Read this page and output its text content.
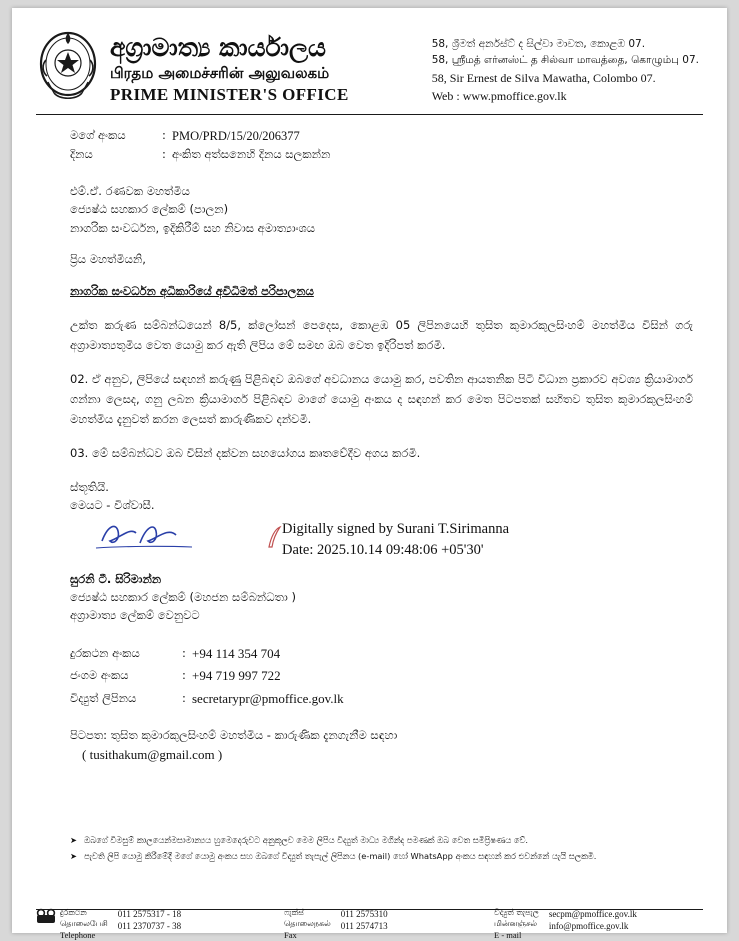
අග්‍රාමාත්‍ය කාර්යාලය
பிரதம அமைச்சரின் அலுவலகம்
PRIME MINISTER'S OFFICE
58, ශ්‍රීමත් අර්නස්ට් ද සිල්වා මාවත, කොළඹ 07.
58, ஸ்ரீமத் எர்னஸ்ட் த சில்வா மாவத்தை, கொழும்பு 07.
58, Sir Ernest de Silva Mawatha, Colombo 07.
Web : www.pmoffice.gov.lk
මගේ අංකය	: PMO/PRD/15/20/206377
දිනය	: අංකිත අත්සනෙහි දිනය සලකන්න
එම්.ඒ. රණවක මහත්මිය
ජ්‍යෙෂ්ඨ සහකාර ලේකම් (පාලන)
නාගරික සංවර්ධන, ඉදිකිරීම් සහ නිවාස අමාත්‍යාංශය
ප්‍රිය මහත්මියනි,
නාගරික සංවර්ධන අධිකාරියේ අවිධිමත් පරිපාලනය

උක්ත කරුණ සම්බන්ධයෙන් 8/5, ක්ලෝසන් පෙදෙස, කොළඹ 05 ලිපිනයෙහි තුසිත කුමාරකුලසිංහම් මහත්මිය විසින් ගරු අග්‍රාමාත්‍යතුමිය වෙත යොමු කර ඇති ලිපිය මේ සමඟ ඔබ වෙත ඉදිරිපත් කරමි.

02. ඒ අනුව, ලිපියේ සඳහන් කරුණු පිළිබඳව ඔබගේ අවධානය යොමු කර, පවතින ආයතනික පිටි විධාන ප්‍රකාරව අවශ්‍ය ක්‍රියාමාර්ග ගන්නා ලෙසද, ගනු ලබන ක්‍රියාමාර්ග පිළිබඳව මාගේ යොමු අංකය ද සඳහන් කර මෙත පිටපතක් සහිතව තුසිත කුමාරකුලසිංහම් මහත්මිය දැනුවත් කරන ලෙසත් කාරුණිකව දන්වමි.

03. මේ සම්බන්ධව ඔබ විසින් දක්වන සහයෝගය කෘතවේදීව අගය කරමි.

ස්තූතියි.
මෙයට - විශ්වාසී.
Digitally signed by Surani T.Sirimanna
Date: 2025.10.14 09:48:06 +05'30'
සුරනි ටී. සිරිමාන්න
ජ්‍යෙෂ්ඨ සහකාර ලේකම් (මහජන සම්බන්ධතා )
අග්‍රාමාත්‍ය ලේකම් වෙනුවට
දුරකථන අංකය	: +94 114 354 704
ජංගම අංකය	: +94 719 997 722
විද්‍යුත් ලිපිනය	: secretarypr@pmoffice.gov.lk
පිටපත: තුසිත කුමාරකුලසිංහම් මහත්මිය - කාරුණික දැනගැනීම සඳහා
( tusithakum@gmail.com )
➤ ඔබගේ විමසුම් කාලයෙන්මසාමාන්‍යය හුමෙදෙරුවට අනුකූලව මෙම ලිපිය විද්‍යුත් මාධ්‍ය මගින්ද පමණක් ඔබ වෙත සමීප්‍රිෂණය වේ.
➤ පැවති ලිපි යොමු කිරීමේදී මගේ යොමු අංකය සහ ඔබගේ විද්‍යුත් තැපැල් ලිපිනය (e-mail) හෝ WhatsApp අංකය සඳහන් කර එවන්නේ යැයි සලකමි.
දුරකථන
தொலைபேசி
Telephone
011 2575317 - 18
011 2370737 - 38
ෆැක්ස්
தொலைநகல்
Fax
011 2575310
011 2574713
විද්‍යුත් තැපැල
மின்னஞ்சல்
E - mail
secpm@pmoffice.gov.lk
info@pmoffice.gov.lk
